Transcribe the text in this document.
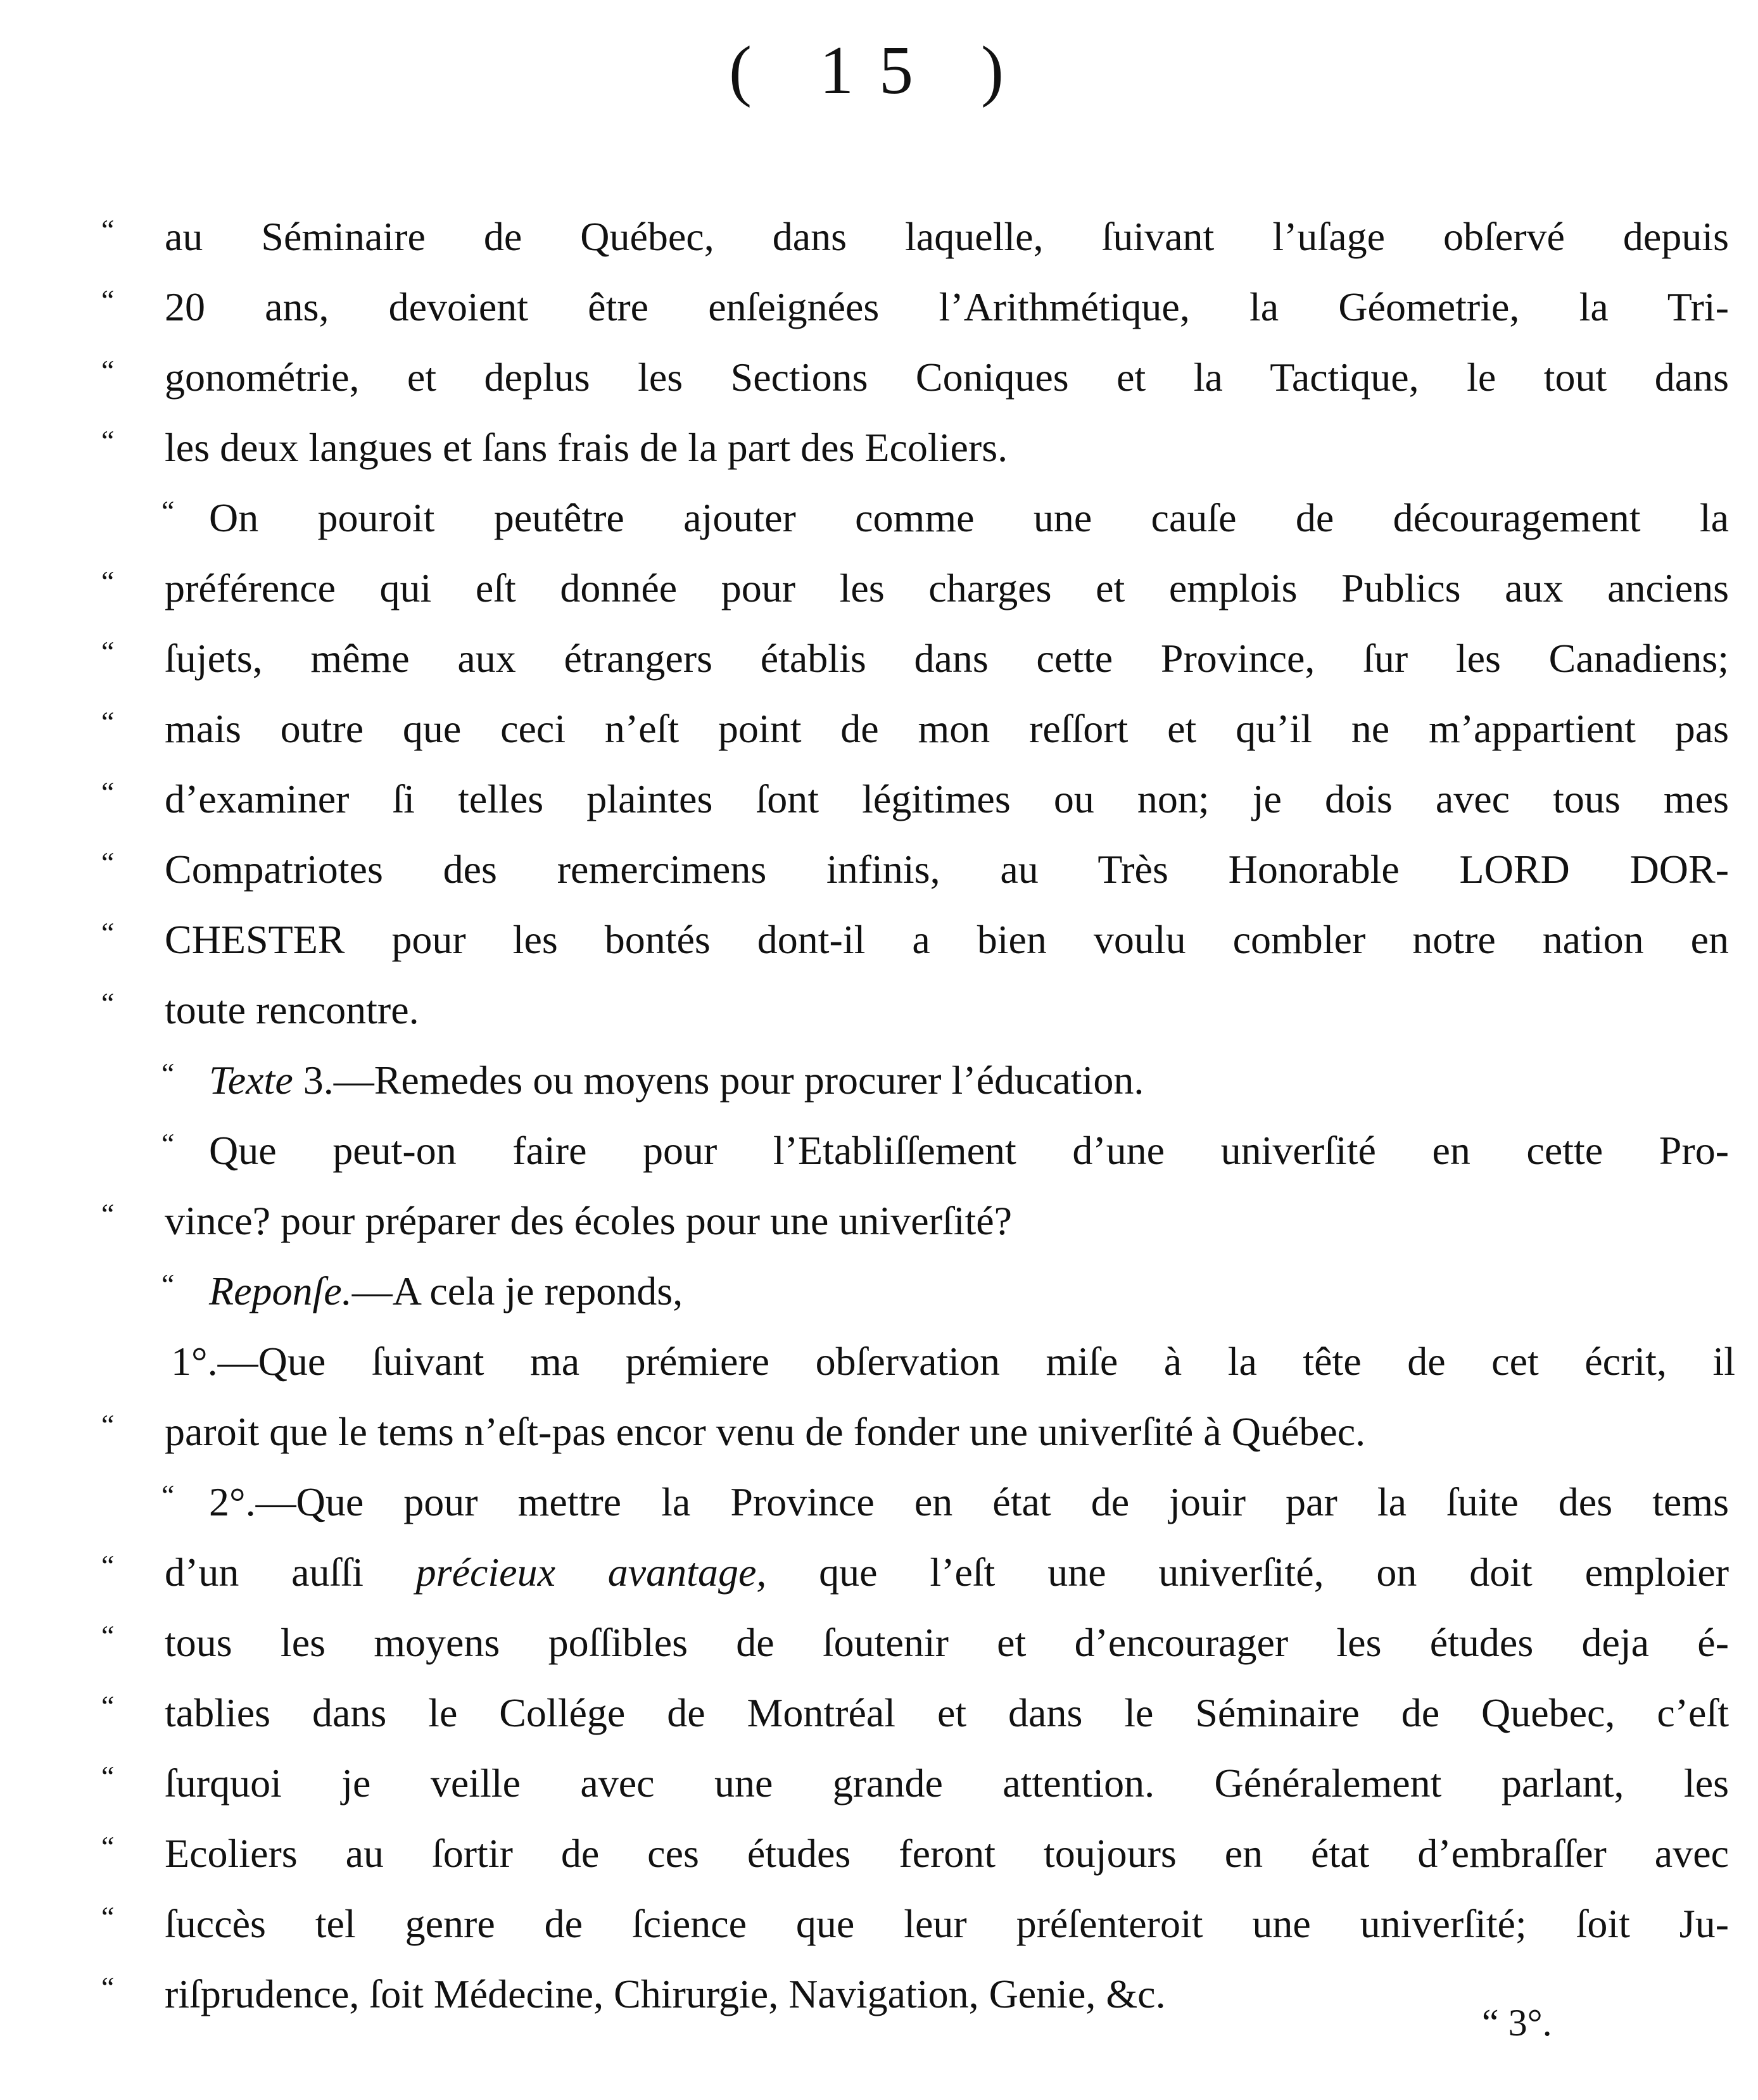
( 15 )
“	au Séminaire de Québec, dans laquelle, ſuivant l’uſage obſervé depuis
“	20 ans, devoient être enſeignées l’Arithmétique, la Géometrie, la Tri-
“	gonométrie, et deplus les Sections Coniques et la Tactique, le tout dans
“	les deux langues et ſans frais de la part des Ecoliers.
“ On pouroit peutêtre ajouter comme une cauſe de découragement la
“	préférence qui eſt donnée pour les charges et emplois Publics aux anciens
“	ſujets, même aux étrangers établis dans cette Province, ſur les Canadiens;
“	mais outre que ceci n’eſt point de mon reſſort et qu’il ne m’appartient pas
“	d’examiner ſi telles plaintes ſont légitimes ou non; je dois avec tous mes
“	Compatriotes des remercimens infinis, au Très Honorable LORD DOR-
“	CHESTER pour les bontés dont-il a bien voulu combler notre nation en
“	toute rencontre.
“ Texte 3.—Remedes ou moyens pour procurer l’éducation.
“ Que peut-on faire pour l’Etabliſſement d’une univerſité en cette Pro-
“	vince? pour préparer des écoles pour une univerſité?
“ Reponſe.—A cela je reponds,
1°.—Que ſuivant ma prémiere obſervation miſe à la tête de cet écrit, il
“	paroit que le tems n’eſt-pas encor venu de fonder une univerſité à Québec.
“ 2°.—Que pour mettre la Province en état de jouir par la ſuite des tems
“	d’un auſſi précieux avantage, que l’eſt une univerſité, on doit emploier
“	tous les moyens poſſibles de ſoutenir et d’encourager les études deja é-
“	tablies dans le Collége de Montréal et dans le Séminaire de Quebec, c’eſt
“	ſurquoi je veille avec une grande attention. Généralement parlant, les
“	Ecoliers au ſortir de ces études feront toujours en état d’embraſſer avec
“	ſuccès tel genre de ſcience que leur préſenteroit une univerſité; ſoit Ju-
“	riſprudence, ſoit Médecine, Chirurgie, Navigation, Genie, &c.
“ 3°.
